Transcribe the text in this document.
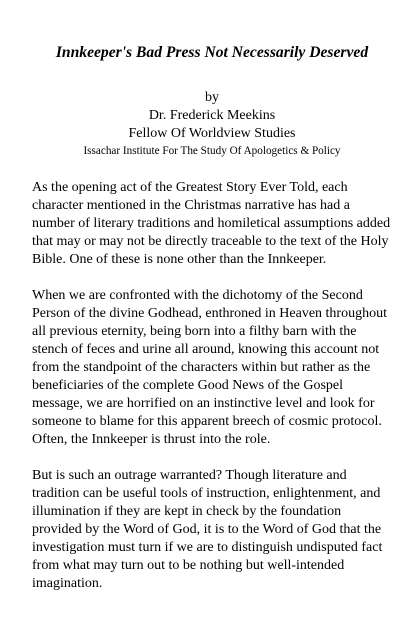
Innkeeper's Bad Press Not Necessarily Deserved
by
Dr. Frederick Meekins
Fellow Of Worldview Studies
Issachar Institute For The Study Of Apologetics & Policy

As the opening act of the Greatest Story Ever Told, each character mentioned in the Christmas narrative has had a number of literary traditions and homiletical assumptions added that may or may not be directly traceable to the text of the Holy Bible. One of these is none other than the Innkeeper.

When we are confronted with the dichotomy of the Second Person of the divine Godhead, enthroned in Heaven throughout all previous eternity, being born into a filthy barn with the stench of feces and urine all around, knowing this account not from the standpoint of the characters within but rather as the beneficiaries of the complete Good News of the Gospel message, we are horrified on an instinctive level and look for someone to blame for this apparent breech of cosmic protocol. Often, the Innkeeper is thrust into the role.

But is such an outrage warranted? Though literature and tradition can be useful tools of instruction, enlightenment, and illumination if they are kept in check by the foundation provided by the Word of God, it is to the Word of God that the investigation must turn if we are to distinguish undisputed fact from what may turn out to be nothing but well-intended imagination.
